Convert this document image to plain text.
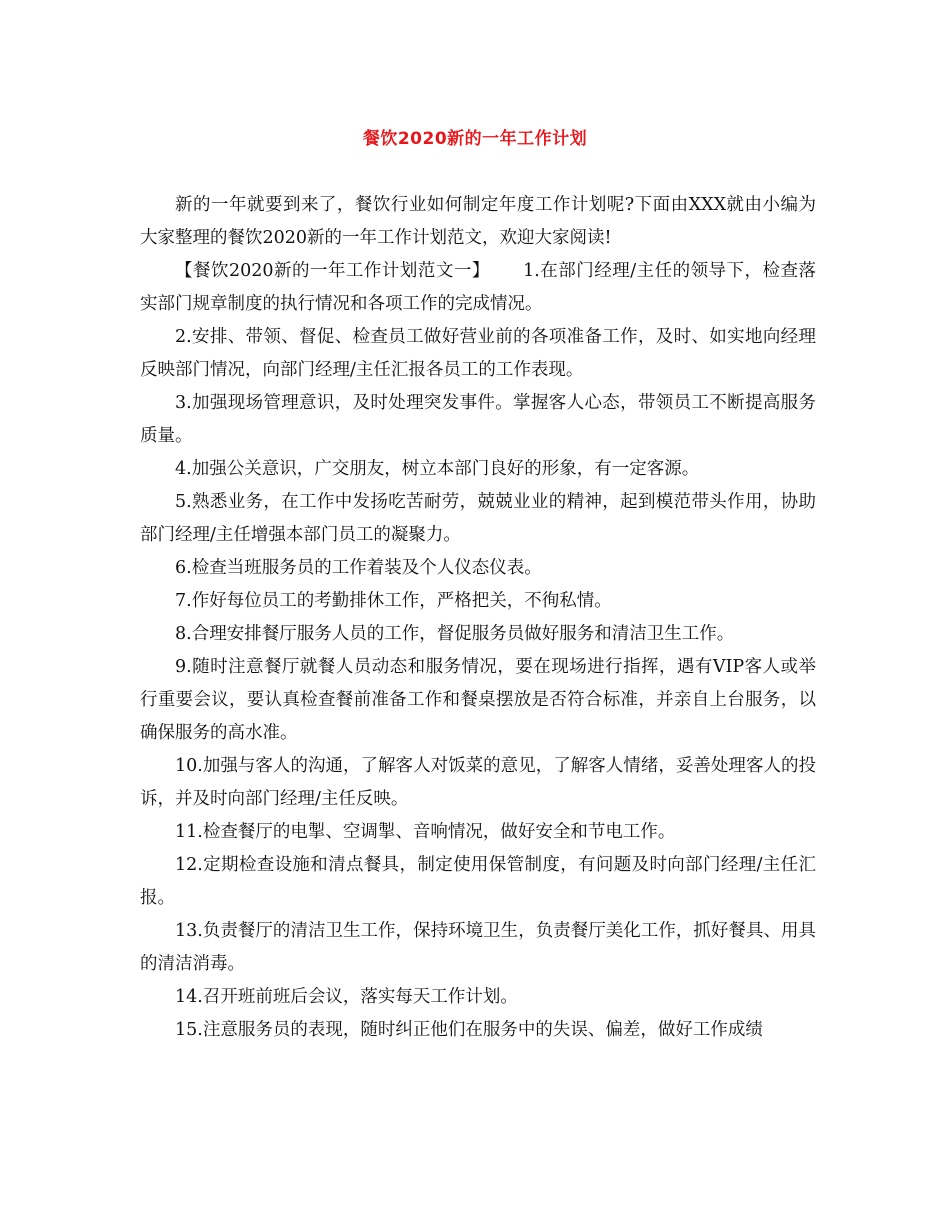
餐饮2020新的一年工作计划

新的一年就要到来了，餐饮行业如何制定年度工作计划呢?下面由XXX就由小编为大家整理的餐饮2020新的一年工作计划范文，欢迎大家阅读!

【餐饮2020新的一年工作计划范文一】　　 1.在部门经理/主任的领导下，检查落实部门规章制度的执行情况和各项工作的完成情况。

2.安排、带领、督促、检查员工做好营业前的各项准备工作，及时、如实地向经理反映部门情况，向部门经理/主任汇报各员工的工作表现。

3.加强现场管理意识，及时处理突发事件。掌握客人心态，带领员工不断提高服务质量。

4.加强公关意识，广交朋友，树立本部门良好的形象，有一定客源。

5.熟悉业务，在工作中发扬吃苦耐劳，兢兢业业的精神，起到模范带头作用，协助部门经理/主任增强本部门员工的凝聚力。

6.检查当班服务员的工作着装及个人仪态仪表。

7.作好每位员工的考勤排休工作，严格把关，不徇私情。

8.合理安排餐厅服务人员的工作，督促服务员做好服务和清洁卫生工作。

9.随时注意餐厅就餐人员动态和服务情况，要在现场进行指挥，遇有VIP客人或举行重要会议，要认真检查餐前准备工作和餐桌摆放是否符合标准，并亲自上台服务，以确保服务的高水准。

10.加强与客人的沟通，了解客人对饭菜的意见，了解客人情绪，妥善处理客人的投诉，并及时向部门经理/主任反映。

11.检查餐厅的电掣、空调掣、音响情况，做好安全和节电工作。

12.定期检查设施和清点餐具，制定使用保管制度，有问题及时向部门经理/主任汇报。

13.负责餐厅的清洁卫生工作，保持环境卫生，负责餐厅美化工作，抓好餐具、用具的清洁消毒。

14.召开班前班后会议，落实每天工作计划。

15.注意服务员的表现，随时纠正他们在服务中的失误、偏差，做好工作成绩
